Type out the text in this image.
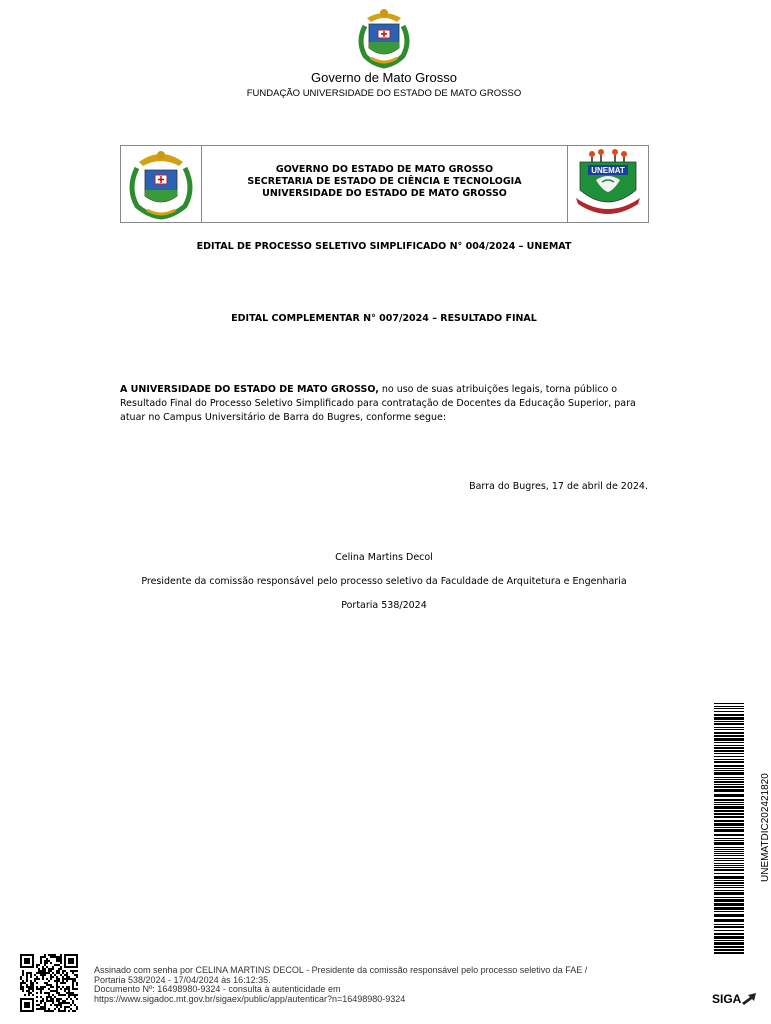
Governo de Mato Grosso
FUNDAÇÃO UNIVERSIDADE DO ESTADO DE MATO GROSSO
GOVERNO DO ESTADO DE MATO GROSSO
SECRETARIA DE ESTADO DE CIÊNCIA E TECNOLOGIA
UNIVERSIDADE DO ESTADO DE MATO GROSSO
UNEMAT
EDITAL DE PROCESSO SELETIVO SIMPLIFICADO N° 004/2024 – UNEMAT
EDITAL COMPLEMENTAR N° 007/2024 – RESULTADO FINAL
A UNIVERSIDADE DO ESTADO DE MATO GROSSO, no uso de suas atribuições legais, torna público o Resultado Final do Processo Seletivo Simplificado para contratação de Docentes da Educação Superior, para atuar no Campus Universitário de Barra do Bugres, conforme segue:
Barra do Bugres, 17 de abril de 2024.
Celina Martins Decol
Presidente da comissão responsável pelo processo seletivo da Faculdade de Arquitetura e Engenharia
Portaria 538/2024
UNEMATDIC202421820
Assinado com senha por CELINA MARTINS DECOL - Presidente da comissão responsável pelo processo seletivo da FAE /
Portaria 538/2024 - 17/04/2024 às 16:12:35.
Documento Nº: 16498980-9324 - consulta à autenticidade em
https://www.sigadoc.mt.gov.br/sigaex/public/app/autenticar?n=16498980-9324	SIGA
